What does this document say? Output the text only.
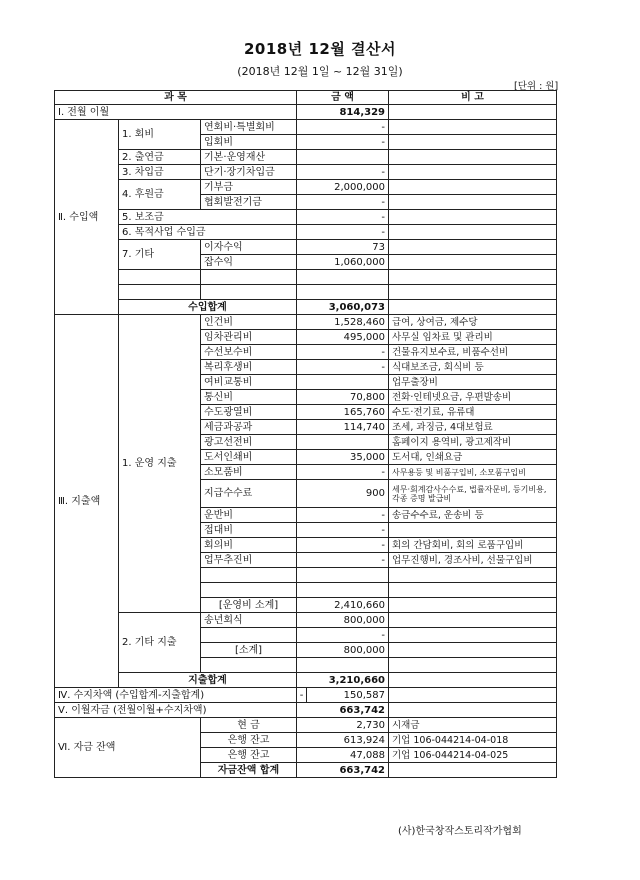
2018년 12월 결산서
(2018년 12월 1일 ~ 12월 31일)
[단위 : 원]
과 목			금 액		비 고
Ⅰ. 전월 이월			814,329		
Ⅱ. 수입액	1. 회비	연회비·특별회비	-		
		입회비	-		
	2. 출연금	기본·운영재산			
	3. 차입금	단기·장기차입금	-		
	4. 후원금	기부금	2,000,000		
		협회발전기금	-		
	5. 보조금		-		
	6. 목적사업 수입금		-		
	7. 기타	이자수익	73		
		잡수익	1,060,000		

	수입합계		3,060,073		
Ⅲ. 지출액	1. 운영 지출	인건비	1,528,460		급여, 상여금, 제수당
		임차관리비	495,000		사무실 임차료 및 관리비
		수선보수비	-		건물유지보수료, 비품수선비
		복리후생비	-		식대보조금, 회식비 등
		여비교통비			업무출장비
		통신비	70,800		전화·인테넷요금, 우편발송비
		수도광열비	165,760		수도·전기료, 유류대
		세금과공과	114,740		조세, 과징금, 4대보험료
		광고선전비			홈페이지 용역비, 광고제작비
		도서인쇄비	35,000		도서대, 인쇄요금
		소모품비	-		사무용등 및 비품구입비, 소모품구입비
		지급수수료	900		세무·회계감사수수료, 법률자문비, 등기비용, 각종 증명 발급비
		운반비	-		송금수수료, 운송비 등
		접대비	-		
		회의비	-		회의 간담회비, 회의 로품구입비
		업무추진비	-		업무진행비, 경조사비, 선물구입비

		[운영비 소계]	2,410,660		
	2. 기타 지출	송년회식	800,000		
			-		
		[소계]	800,000		

	지출합계		3,210,660		
Ⅳ. 수지차액 (수입합계-지출합계)			-	150,587	
Ⅴ. 이월자금 (전월이월+수지차액)			663,742		
Ⅵ. 자금 잔액		현 금	2,730		시재금
		은행 잔고	613,924		기업 106-044214-04-018
		은행 잔고	47,088		기업 106-044214-04-025
		자금잔액 합계	663,742		
(사)한국창작스토리작가협회
